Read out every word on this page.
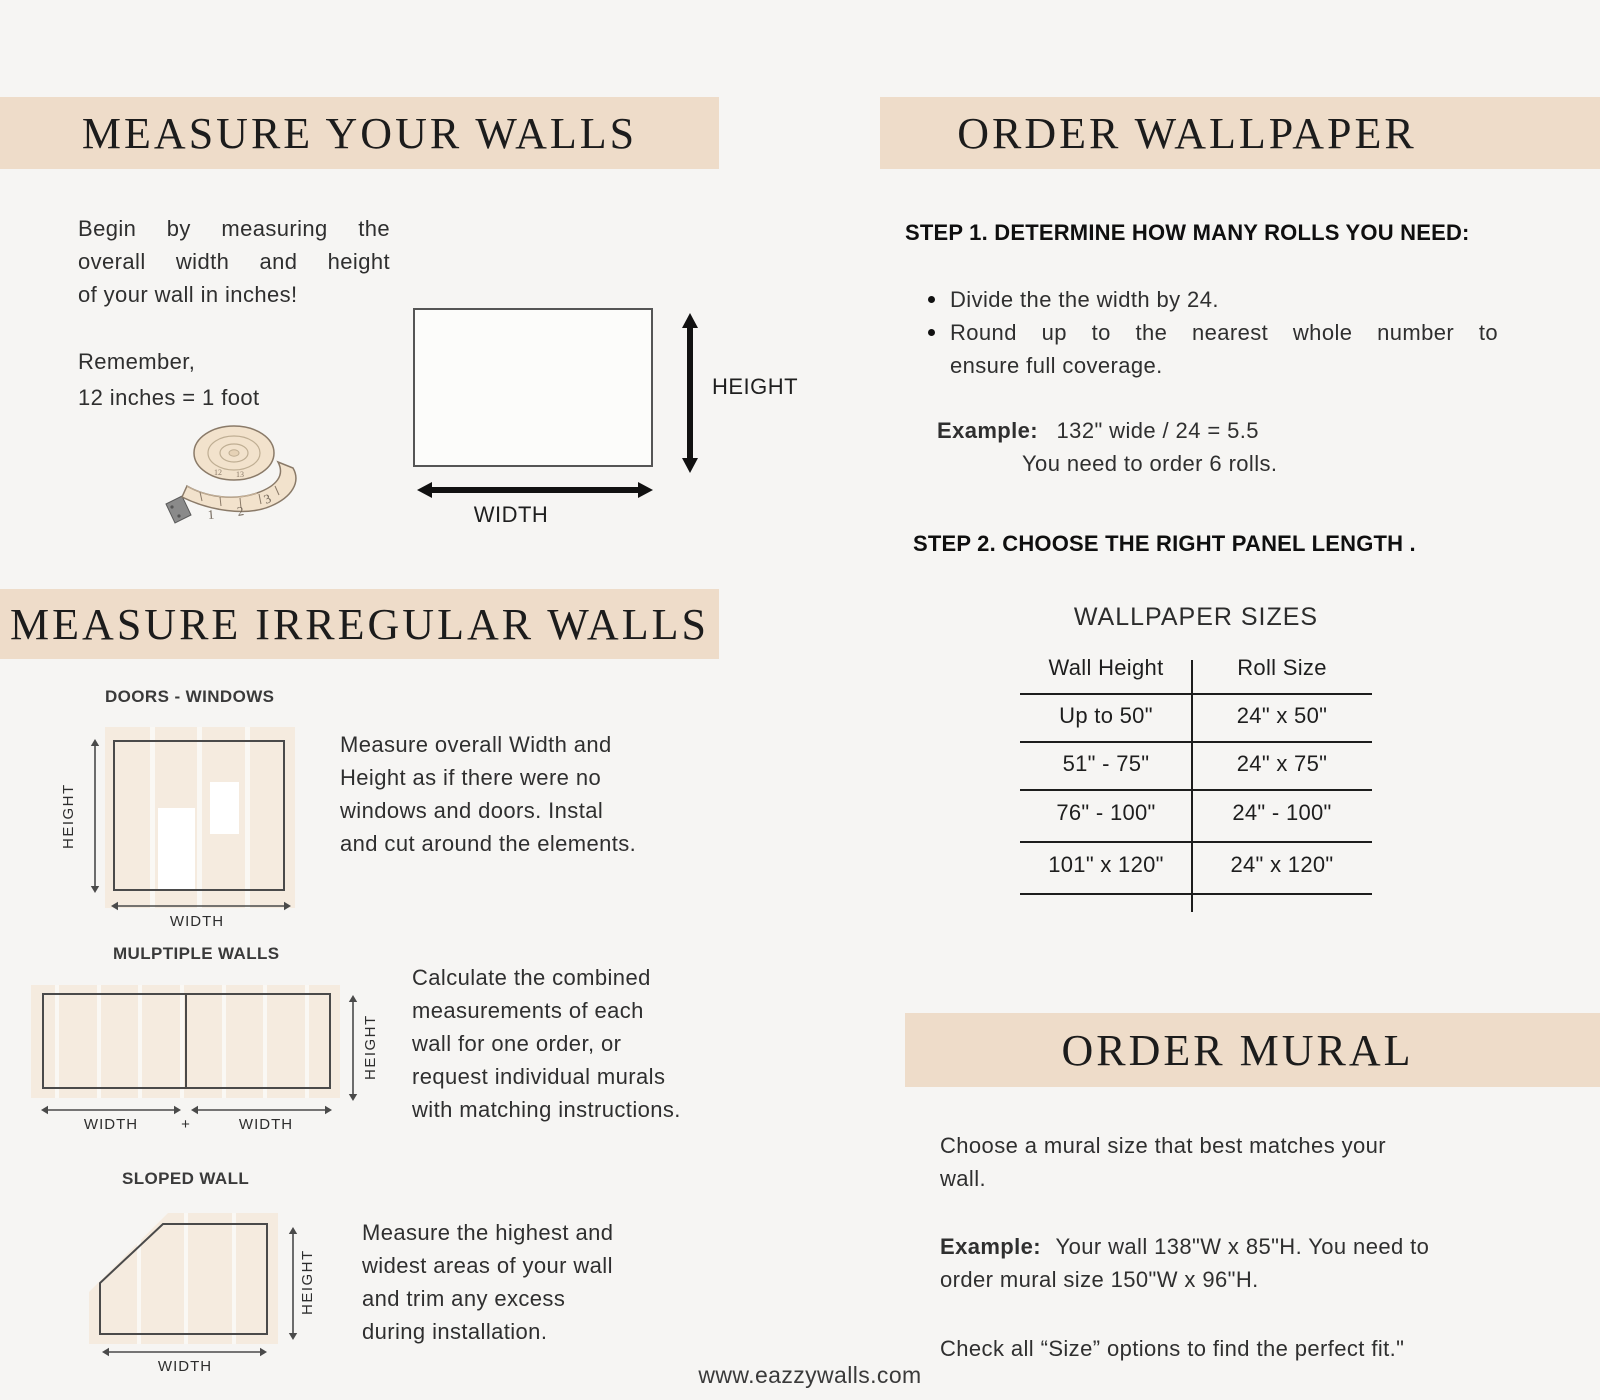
MEASURE YOUR WALLS
Begin by measuring the
overall width and height
of your wall in inches!
Remember,
12 inches = 1 foot
1 2
3
12 13
HEIGHT
WIDTH
MEASURE IRREGULAR WALLS
DOORS - WINDOWS
HEIGHT
WIDTH
Measure overall Width and
Height as if there were no
windows and doors. Instal
and cut around the elements.
MULPTIPLE WALLS
HEIGHT
WIDTH	+	WIDTH
Calculate the combined
measurements of each
wall for one order, or
request individual murals
with matching instructions.
SLOPED WALL
HEIGHT
WIDTH
Measure the highest and
widest areas of your wall
and trim any excess
during installation.
ORDER WALLPAPER
STEP 1. DETERMINE HOW MANY ROLLS YOU NEED:
Divide the the width by 24.
Round up to the nearest whole number to
ensure full coverage.
Example: 132" wide / 24 = 5.5
You need to order 6 rolls.
STEP 2. CHOOSE THE RIGHT PANEL LENGTH .
WALLPAPER SIZES
Wall Height	Roll Size
Up to 50"	24" x 50"
51" - 75"	24" x 75"
76" - 100"	24" - 100"
101" x 120"	24" x 120"
ORDER MURAL
Choose a mural size that best matches your
wall.
Example: Your wall 138"W x 85"H. You need to
order mural size 150"W x 96"H.
Check all “Size” options to find the perfect fit."
www.eazzywalls.com
